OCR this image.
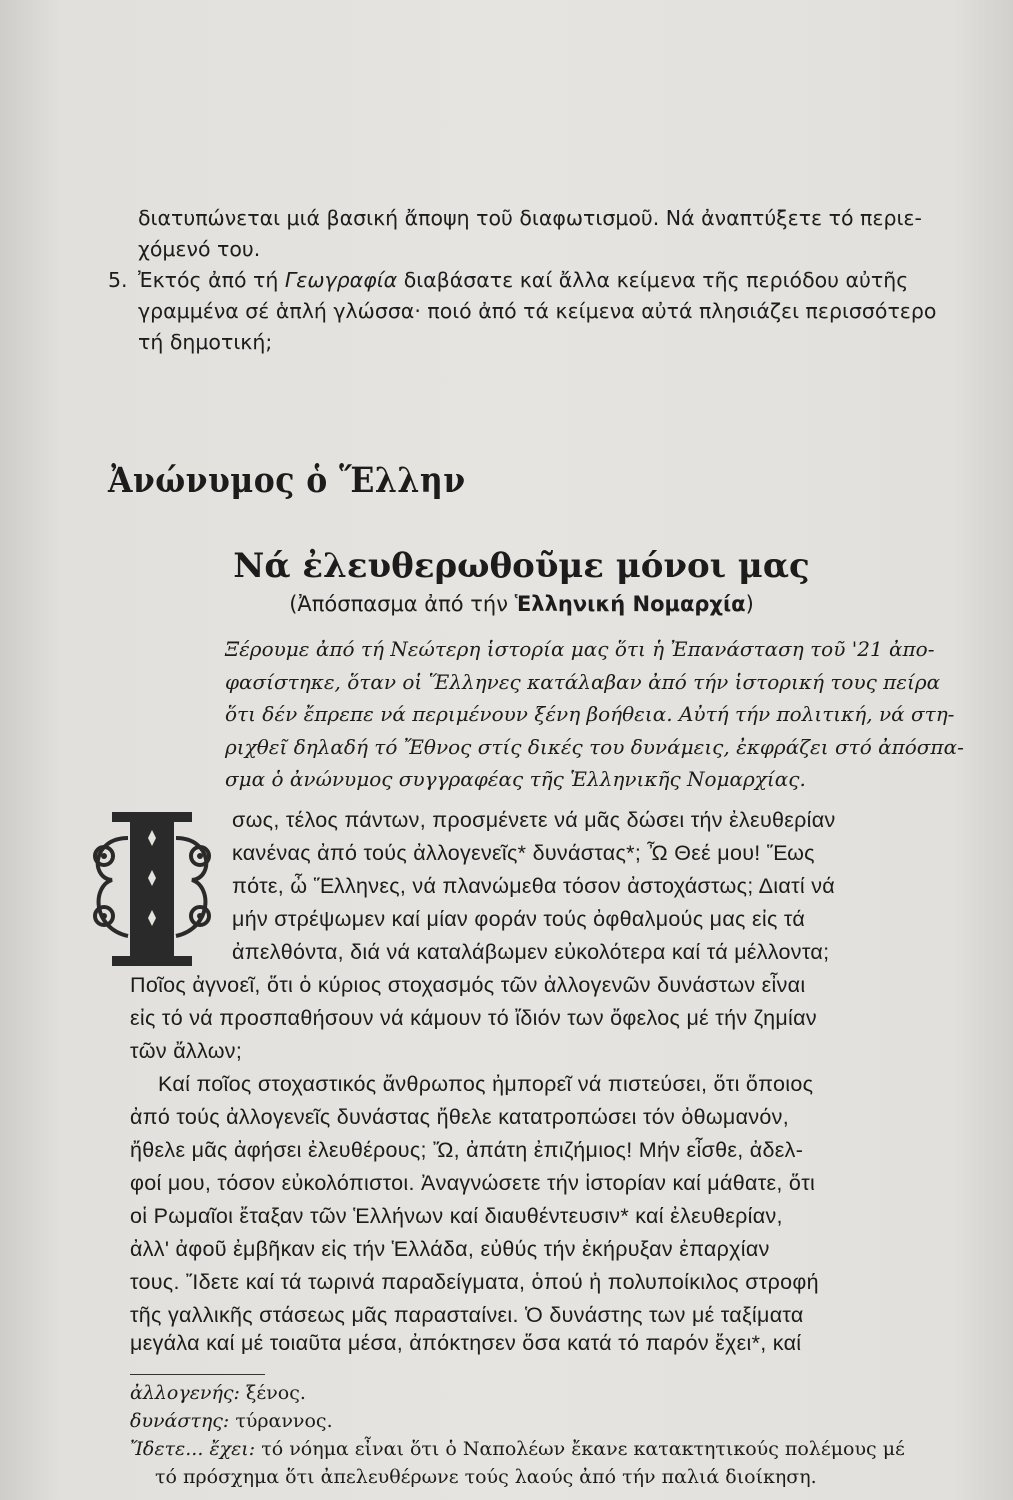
διατυπώνεται μιά βασική ἄποψη τοῦ διαφωτισμοῦ. Νά ἀναπτύξετε τό περιε-
χόμενό του.
5. Ἐκτός ἀπό τή Γεωγραφία διαβάσατε καί ἄλλα κείμενα τῆς περιόδου αὐτῆς
γραμμένα σέ ἁπλή γλώσσα· ποιό ἀπό τά κείμενα αὐτά πλησιάζει περισσότερο
τή δημοτική;
Ἀνώνυμος ὁ Ἕλλην
Νά ἐλευθερωθοῦμε μόνοι μας
(Ἀπόσπασμα ἀπό τήν Ἑλληνική Νομαρχία)
Ξέρουμε ἀπό τή Νεώτερη ἱστορία μας ὅτι ἡ Ἐπανάσταση τοῦ '21 ἀπο-
φασίστηκε, ὅταν οἱ Ἕλληνες κατάλαβαν ἀπό τήν ἱστορική τους πείρα
ὅτι δέν ἔπρεπε νά περιμένουν ξένη βοήθεια. Αὐτή τήν πολιτική, νά στη-
ριχθεῖ δηλαδή τό Ἔθνος στίς δικές του δυνάμεις, ἐκφράζει στό ἀπόσπα-
σμα ὁ ἀνώνυμος συγγραφέας τῆς Ἑλληνικῆς Νομαρχίας.
σως, τέλος πάντων, προσμένετε νά μᾶς δώσει τήν ἐλευθερίαν
κανένας ἀπό τούς ἀλλογενεῖς* δυνάστας*; Ὦ Θεέ μου! Ἕως
πότε, ὦ Ἕλληνες, νά πλανώμεθα τόσον ἀστοχάστως; Διατί νά
μήν στρέψωμεν καί μίαν φοράν τούς ὀφθαλμούς μας εἰς τά
ἀπελθόντα, διά νά καταλάβωμεν εὐκολότερα καί τά μέλλοντα;
Ποῖος ἀγνοεῖ, ὅτι ὁ κύριος στοχασμός τῶν ἀλλογενῶν δυνάστων εἶναι
εἰς τό νά προσπαθήσουν νά κάμουν τό ἴδιόν των ὄφελος μέ τήν ζημίαν
τῶν ἄλλων;
Καί ποῖος στοχαστικός ἄνθρωπος ἠμπορεῖ νά πιστεύσει, ὅτι ὅποιος
ἀπό τούς ἀλλογενεῖς δυνάστας ἤθελε κατατροπώσει τόν ὀθωμανόν,
ἤθελε μᾶς ἀφήσει ἐλευθέρους; Ὤ, ἀπάτη ἐπιζήμιος! Μήν εἶσθε, ἀδελ-
φοί μου, τόσον εὐκολόπιστοι. Ἀναγνώσετε τήν ἱστορίαν καί μάθατε, ὅτι
οἱ Ρωμαῖοι ἔταξαν τῶν Ἑλλήνων καί διαυθέντευσιν* καί ἐλευθερίαν,
ἀλλ' ἀφοῦ ἐμβῆκαν εἰς τήν Ἑλλάδα, εὐθύς τήν ἐκήρυξαν ἐπαρχίαν
τους. Ἴδετε καί τά τωρινά παραδείγματα, ὁπού ἡ πολυποίκιλος στροφή
τῆς γαλλικῆς στάσεως μᾶς παρασταίνει. Ὁ δυνάστης των μέ ταξίματα
ἀλλογενής: ξένος.
δυνάστης: τύραννος.
Ἴδετε... ἔχει: τό νόημα εἶναι ὅτι ὁ Ναπολέων ἔκανε κατακτητικούς πολέμους μέ
τό πρόσχημα ὅτι ἀπελευθέρωνε τούς λαούς ἀπό τήν παλιά διοίκηση.
μεγάλα καί μέ τοιαῦτα μέσα, ἀπόκτησεν ὅσα κατά τό παρόν ἔχει*, καί
